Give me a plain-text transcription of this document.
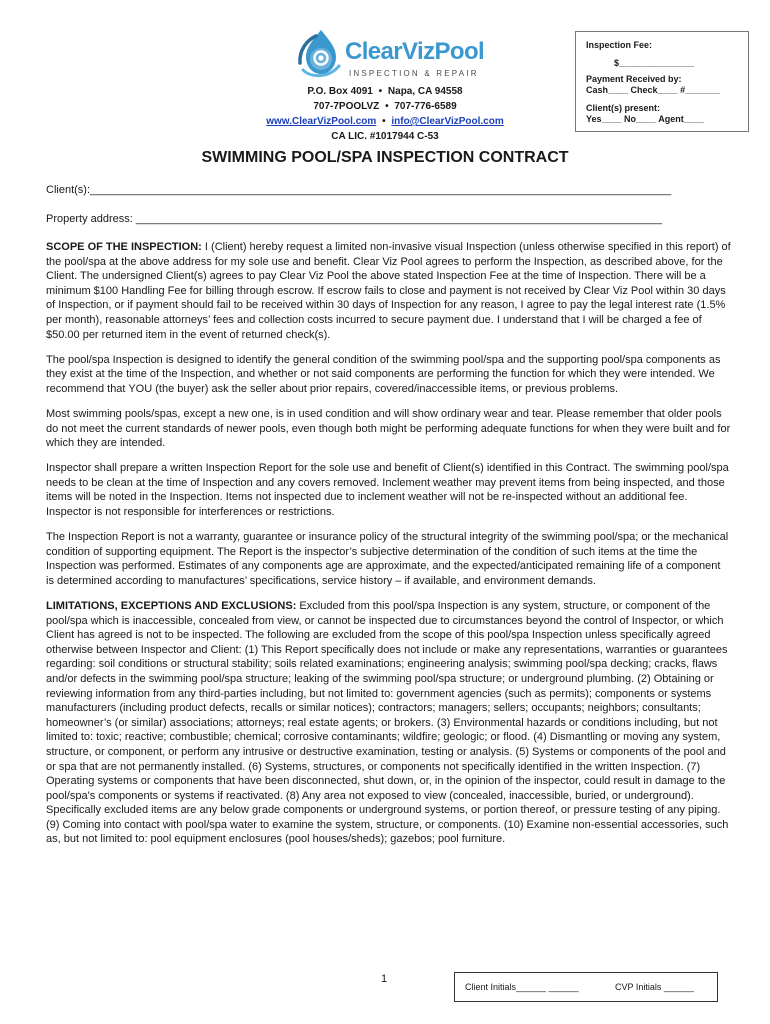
ClearVizPool
INSPECTION & REPAIR
P.O. Box 4091 • Napa, CA 94558
707-7POOLVZ • 707-776-6589
www.ClearVizPool.com • info@ClearVizPool.com
CA LIC. #1017944 C-53
Inspection Fee:
$_______________
Payment Received by:
Cash____ Check____ #_______
Client(s) present:
Yes____ No____ Agent____
SWIMMING POOL/SPA INSPECTION CONTRACT
Client(s):_______________________________________________________________________________________________
Property address: ______________________________________________________________________________________

SCOPE OF THE INSPECTION: I (Client) hereby request a limited non-invasive visual Inspection (unless otherwise specified in this report) of the pool/spa at the above address for my sole use and benefit. Clear Viz Pool agrees to perform the Inspection, as described above, for the Client. The undersigned Client(s) agrees to pay Clear Viz Pool the above stated Inspection Fee at the time of Inspection. There will be a minimum $100 Handling Fee for billing through escrow. If escrow fails to close and payment is not received by Clear Viz Pool within 30 days of Inspection, or if payment should fail to be received within 30 days of Inspection for any reason, I agree to pay the legal interest rate (1.5% per month), reasonable attorneys’ fees and collection costs incurred to secure payment due. I understand that I will be charged a fee of $50.00 per returned item in the event of returned check(s).

The pool/spa Inspection is designed to identify the general condition of the swimming pool/spa and the supporting pool/spa components as they exist at the time of the Inspection, and whether or not said components are performing the function for which they were intended. We recommend that YOU (the buyer) ask the seller about prior repairs, covered/inaccessible items, or previous problems.

Most swimming pools/spas, except a new one, is in used condition and will show ordinary wear and tear. Please remember that older pools do not meet the current standards of newer pools, even though both might be performing adequate functions for when they were built and for which they are intended.

Inspector shall prepare a written Inspection Report for the sole use and benefit of Client(s) identified in this Contract. The swimming pool/spa needs to be clean at the time of Inspection and any covers removed. Inclement weather may prevent items from being inspected, and those items will be noted in the Inspection. Items not inspected due to inclement weather will not be re-inspected without an additional fee. Inspector is not responsible for interferences or restrictions.

The Inspection Report is not a warranty, guarantee or insurance policy of the structural integrity of the swimming pool/spa; or the mechanical condition of supporting equipment. The Report is the inspector’s subjective determination of the condition of such items at the time the Inspection was performed. Estimates of any components age are approximate, and the expected/anticipated remaining life of a component is determined according to manufactures’ specifications, service history – if available, and environment demands.

LIMITATIONS, EXCEPTIONS AND EXCLUSIONS: Excluded from this pool/spa Inspection is any system, structure, or component of the pool/spa which is inaccessible, concealed from view, or cannot be inspected due to circumstances beyond the control of Inspector, or which Client has agreed is not to be inspected. The following are excluded from the scope of this pool/spa Inspection unless specifically agreed otherwise between Inspector and Client: (1) This Report specifically does not include or make any representations, warranties or guarantees regarding: soil conditions or structural stability; soils related examinations; engineering analysis; swimming pool/spa decking; cracks, flaws and/or defects in the swimming pool/spa structure; leaking of the swimming pool/spa structure; or underground plumbing. (2) Obtaining or reviewing information from any third-parties including, but not limited to: government agencies (such as permits); components or systems manufacturers (including product defects, recalls or similar notices); contractors; managers; sellers; occupants; neighbors; consultants; homeowner’s (or similar) associations; attorneys; real estate agents; or brokers. (3) Environmental hazards or conditions including, but not limited to: toxic; reactive; combustible; chemical; corrosive contaminants; wildfire; geologic; or flood. (4) Dismantling or moving any system, structure, or component, or perform any intrusive or destructive examination, testing or analysis. (5) Systems or components of the pool and or spa that are not permanently installed. (6) Systems, structures, or components not specifically identified in the written Inspection. (7) Operating systems or components that have been disconnected, shut down, or, in the opinion of the inspector, could result in damage to the pool/spa's components or systems if reactivated. (8) Any area not exposed to view (concealed, inaccessible, buried, or underground). Specifically excluded items are any below grade components or underground systems, or portion thereof, or pressure testing of any piping. (9) Coming into contact with pool/spa water to examine the system, structure, or components. (10) Examine non-essential accessories, such as, but not limited to: pool equipment enclosures (pool houses/sheds); gazebos; pool furniture.

1
Client Initials______ ______	CVP Initials ______
